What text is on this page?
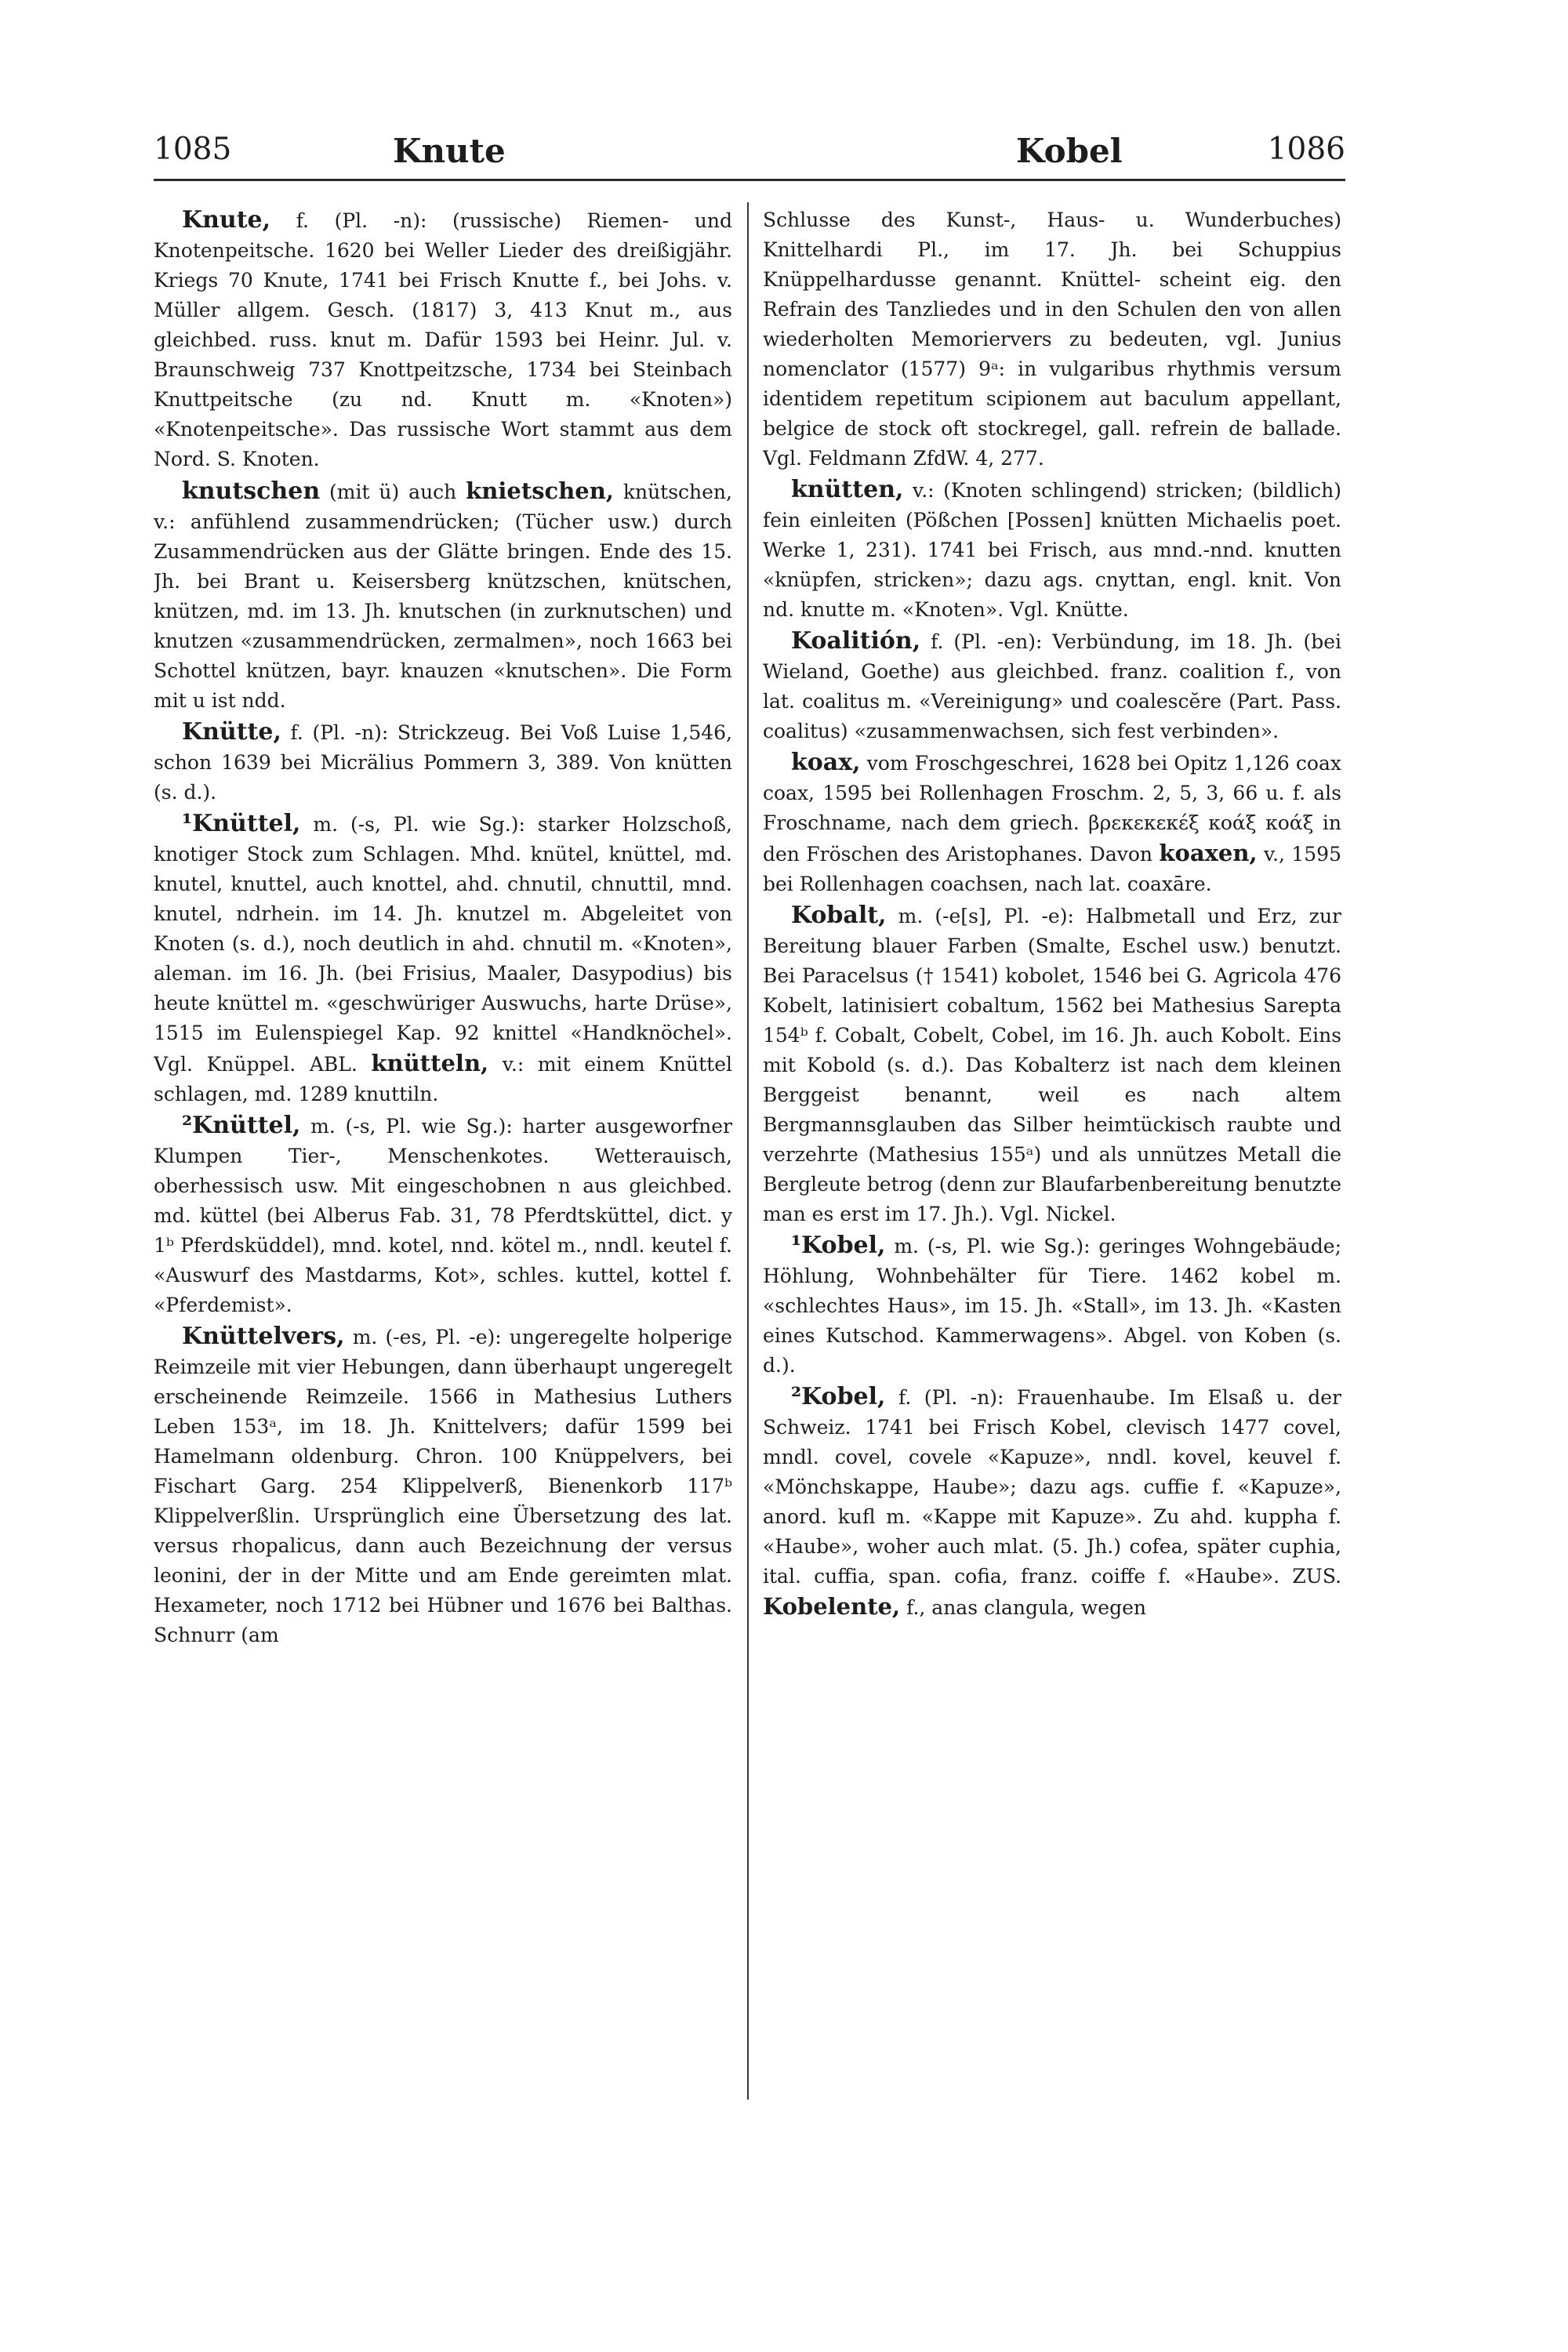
1085	Knute	Kobel	1086

Knute, f. (Pl. -n): (russische) Riemen- und Knotenpeitsche. 1620 bei Weller Lieder des dreißigjähr. Kriegs 70 Knute, 1741 bei Frisch Knutte f., bei Johs. v. Müller allgem. Gesch. (1817) 3, 413 Knut m., aus gleichbed. russ. knut m. Dafür 1593 bei Heinr. Jul. v. Braunschweig 737 Knottpeitzsche, 1734 bei Steinbach Knuttpeitsche (zu nd. Knutt m. «Knoten») «Knotenpeitsche». Das russische Wort stammt aus dem Nord. S. Knoten.

knutschen (mit ü) auch knietschen, knütschen, v.: anfühlend zusammendrücken; (Tücher usw.) durch Zusammendrücken aus der Glätte bringen. Ende des 15. Jh. bei Brant u. Keisersberg knützschen, knütschen, knützen, md. im 13. Jh. knutschen (in zurknutschen) und knutzen «zusammendrücken, zermalmen», noch 1663 bei Schottel knützen, bayr. knauzen «knutschen». Die Form mit u ist ndd.

Knütte, f. (Pl. -n): Strickzeug. Bei Voß Luise 1,546, schon 1639 bei Micrälius Pommern 3, 389. Von knütten (s. d.).

¹Knüttel, m. (-s, Pl. wie Sg.): starker Holzschoß, knotiger Stock zum Schlagen. Mhd. knütel, knüttel, md. knutel, knuttel, auch knottel, ahd. chnutil, chnuttil, mnd. knutel, ndrhein. im 14. Jh. knutzel m. Abgeleitet von Knoten (s. d.), noch deutlich in ahd. chnutil m. «Knoten», aleman. im 16. Jh. (bei Frisius, Maaler, Dasypodius) bis heute knüttel m. «geschwüriger Auswuchs, harte Drüse», 1515 im Eulenspiegel Kap. 92 knittel «Handknöchel». Vgl. Knüppel. ABL. knütteln, v.: mit einem Knüttel schlagen, md. 1289 knuttiln.

²Knüttel, m. (-s, Pl. wie Sg.): harter ausgeworfner Klumpen Tier-, Menschenkotes. Wetterauisch, oberhessisch usw. Mit eingeschobnen n aus gleichbed. md. küttel (bei Alberus Fab. 31, 78 Pferdtsküttel, dict. y 1ᵇ Pferdsküddel), mnd. kotel, nnd. kötel m., nndl. keutel f. «Auswurf des Mastdarms, Kot», schles. kuttel, kottel f. «Pferdemist».

Knüttelvers, m. (-es, Pl. -e): ungeregelte holperige Reimzeile mit vier Hebungen, dann überhaupt ungeregelt erscheinende Reimzeile. 1566 in Mathesius Luthers Leben 153ᵃ, im 18. Jh. Knittelvers; dafür 1599 bei Hamelmann oldenburg. Chron. 100 Knüppelvers, bei Fischart Garg. 254 Klippelverß, Bienenkorb 117ᵇ Klippelverßlin. Ursprünglich eine Übersetzung des lat. versus rhopalicus, dann auch Bezeichnung der versus leonini, der in der Mitte und am Ende gereimten mlat. Hexameter, noch 1712 bei Hübner und 1676 bei Balthas. Schnurr (am

Schlusse des Kunst-, Haus- u. Wunderbuches) Knittelhardi Pl., im 17. Jh. bei Schuppius Knüppelhardusse genannt. Knüttel- scheint eig. den Refrain des Tanzliedes und in den Schulen den von allen wiederholten Memoriervers zu bedeuten, vgl. Junius nomenclator (1577) 9ᵃ: in vulgaribus rhythmis versum identidem repetitum scipionem aut baculum appellant, belgice de stock oft stockregel, gall. refrein de ballade. Vgl. Feldmann ZfdW. 4, 277.

knütten, v.: (Knoten schlingend) stricken; (bildlich) fein einleiten (Pößchen [Possen] knütten Michaelis poet. Werke 1, 231). 1741 bei Frisch, aus mnd.-nnd. knutten «knüpfen, stricken»; dazu ags. cnyttan, engl. knit. Von nd. knutte m. «Knoten». Vgl. Knütte.

Koalitión, f. (Pl. -en): Verbündung, im 18. Jh. (bei Wieland, Goethe) aus gleichbed. franz. coalition f., von lat. coalitus m. «Vereinigung» und coalescĕre (Part. Pass. coalitus) «zusammenwachsen, sich fest verbinden».

koax, vom Froschgeschrei, 1628 bei Opitz 1,126 coax coax, 1595 bei Rollenhagen Froschm. 2, 5, 3, 66 u. f. als Froschname, nach dem griech. βρεκεκεκέξ κοάξ κοάξ in den Fröschen des Aristophanes. Davon koaxen, v., 1595 bei Rollenhagen coachsen, nach lat. coaxāre.

Kobalt, m. (-e[s], Pl. -e): Halbmetall und Erz, zur Bereitung blauer Farben (Smalte, Eschel usw.) benutzt. Bei Paracelsus († 1541) kobolet, 1546 bei G. Agricola 476 Kobelt, latinisiert cobaltum, 1562 bei Mathesius Sarepta 154ᵇ f. Cobalt, Cobelt, Cobel, im 16. Jh. auch Kobolt. Eins mit Kobold (s. d.). Das Kobalterz ist nach dem kleinen Berggeist benannt, weil es nach altem Bergmannsglauben das Silber heimtückisch raubte und verzehrte (Mathesius 155ᵃ) und als unnützes Metall die Bergleute betrog (denn zur Blaufarbenbereitung benutzte man es erst im 17. Jh.). Vgl. Nickel.

¹Kobel, m. (-s, Pl. wie Sg.): geringes Wohngebäude; Höhlung, Wohnbehälter für Tiere. 1462 kobel m. «schlechtes Haus», im 15. Jh. «Stall», im 13. Jh. «Kasten eines Kutschod. Kammerwagens». Abgel. von Koben (s. d.).

²Kobel, f. (Pl. -n): Frauenhaube. Im Elsaß u. der Schweiz. 1741 bei Frisch Kobel, clevisch 1477 covel, mndl. covel, covele «Kapuze», nndl. kovel, keuvel f. «Mönchskappe, Haube»; dazu ags. cuffie f. «Kapuze», anord. kufl m. «Kappe mit Kapuze». Zu ahd. kuppha f. «Haube», woher auch mlat. (5. Jh.) cofea, später cuphia, ital. cuffia, span. cofia, franz. coiffe f. «Haube». ZUS. Kobelente, f., anas clangula, wegen
